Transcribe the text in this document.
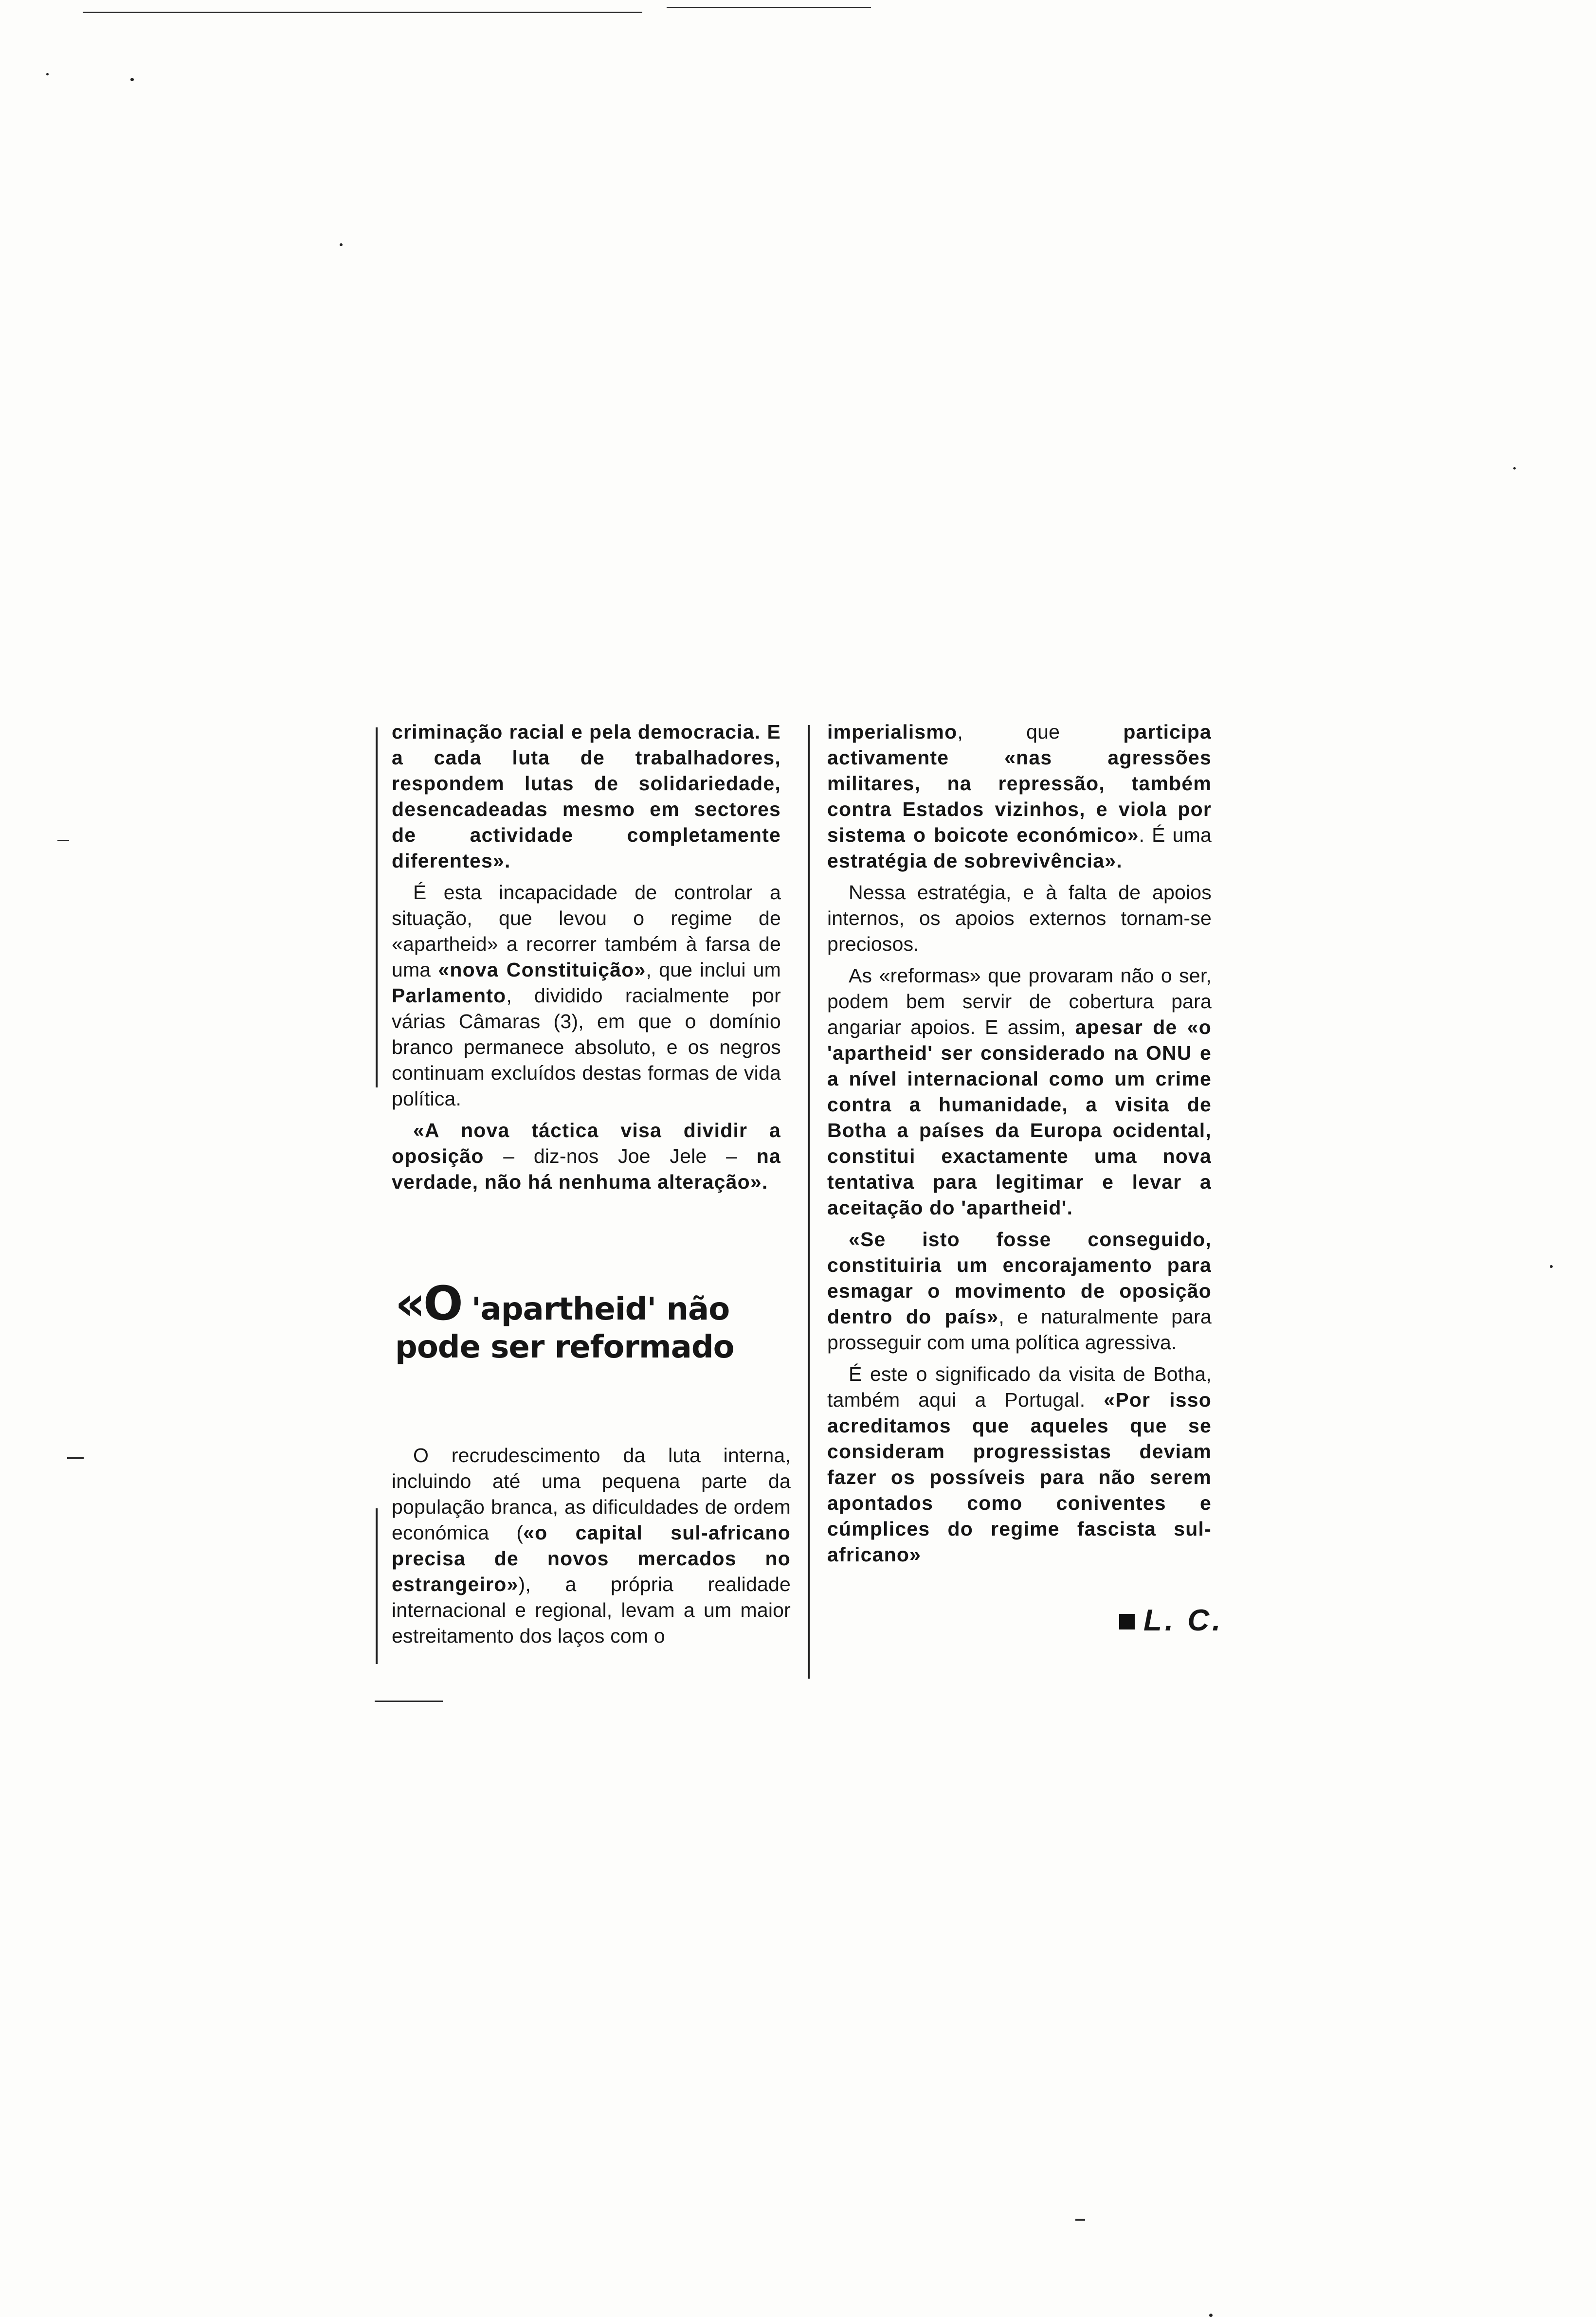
criminação racial e pela democracia. E a cada luta de trabalhadores, respondem lutas de solidariedade, desencadeadas mesmo em sectores de actividade completamente diferentes».

É esta incapacidade de controlar a situação, que levou o regime de «apartheid» a recorrer também à farsa de uma «nova Constituição», que inclui um Parlamento, dividido racialmente por várias Câmaras (3), em que o domínio branco permanece absoluto, e os negros continuam excluídos destas formas de vida política.

«A nova táctica visa dividir a oposição – diz-nos Joe Jele – na verdade, não há nenhuma alteração».

«O 'apartheid' não pode ser reformado

O recrudescimento da luta interna, incluindo até uma pequena parte da população branca, as dificuldades de ordem económica («o capital sul-africano precisa de novos mercados no estrangeiro»), a própria realidade internacional e regional, levam a um maior estreitamento dos laços com o

imperialismo, que participa activamente «nas agressões militares, na repressão, também contra Estados vizinhos, e viola por sistema o boicote económico». É uma estratégia de sobrevivência».

Nessa estratégia, e à falta de apoios internos, os apoios externos tornam-se preciosos.

As «reformas» que provaram não o ser, podem bem servir de cobertura para angariar apoios. E assim, apesar de «o 'apartheid' ser considerado na ONU e a nível internacional como um crime contra a humanidade, a visita de Botha a países da Europa ocidental, constitui exactamente uma nova tentativa para legitimar e levar a aceitação do 'apartheid'.

«Se isto fosse conseguido, constituiria um encorajamento para esmagar o movimento de oposição dentro do país», e naturalmente para prosseguir com uma política agressiva.

É este o significado da visita de Botha, também aqui a Portugal. «Por isso acreditamos que aqueles que se consideram progressistas deviam fazer os possíveis para não serem apontados como coniventes e cúmplices do regime fascista sul-africano»

L. C.
